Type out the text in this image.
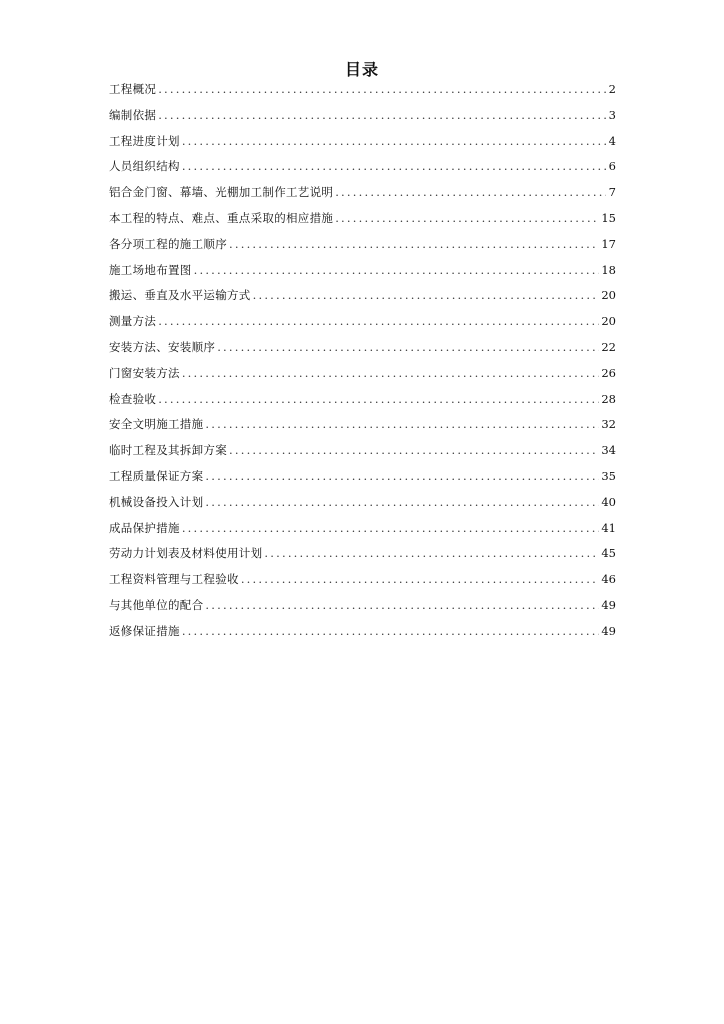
目录
工程概况 .....	2
编制依据 .....	3
工程进度计划 .....	4
人员组织结构 .....	6
铝合金门窗、幕墙、光棚加工制作工艺说明 .....	7
本工程的特点、难点、重点采取的相应措施 .....	15
各分项工程的施工顺序 .....	17
施工场地布置图 .....	18
搬运、垂直及水平运输方式 .....	20
测量方法 .....	20
安装方法、安装顺序 .....	22
门窗安装方法 .....	26
检查验收 .....	28
安全文明施工措施 .....	32
临时工程及其拆卸方案 .....	34
工程质量保证方案 .....	35
机械设备投入计划 .....	40
成品保护措施 .....	41
劳动力计划表及材料使用计划 .....	45
工程资料管理与工程验收 .....	46
与其他单位的配合 .....	49
返修保证措施 .....	49
